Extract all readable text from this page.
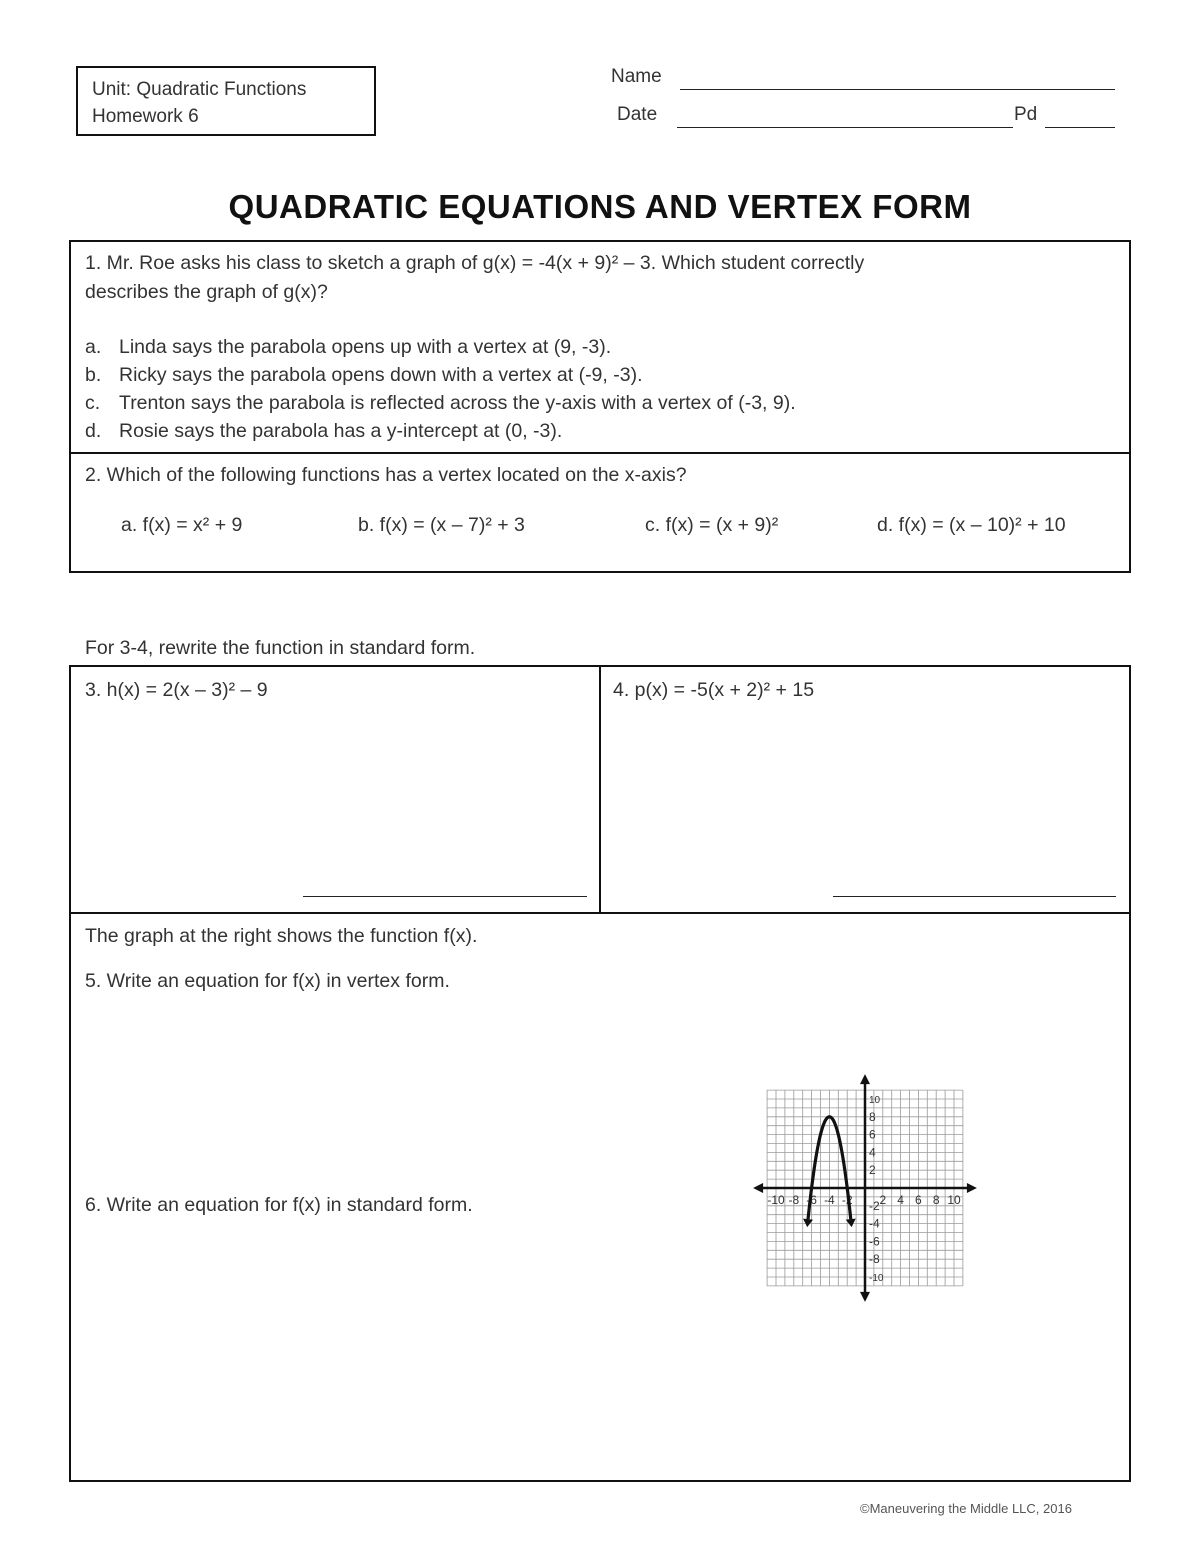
Unit: Quadratic Functions
Homework 6
Name
Date	Pd
QUADRATIC EQUATIONS AND VERTEX FORM
1. Mr. Roe asks his class to sketch a graph of g(x) = -4(x + 9)² – 3. Which student correctly
describes the graph of g(x)?
a. Linda says the parabola opens up with a vertex at (9, -3).
b. Ricky says the parabola opens down with a vertex at (-9, -3).
c. Trenton says the parabola is reflected across the y-axis with a vertex of (-3, 9).
d. Rosie says the parabola has a y-intercept at (0, -3).
2. Which of the following functions has a vertex located on the x-axis?
a. f(x) = x² + 9	b. f(x) = (x – 7)² + 3	c. f(x) = (x + 9)²	d. f(x) = (x – 10)² + 10
For 3-4, rewrite the function in standard form.
3. h(x) = 2(x – 3)² – 9	4. p(x) = -5(x + 2)² + 15
The graph at the right shows the function f(x).
5. Write an equation for f(x) in vertex form.
6. Write an equation for f(x) in standard form.	-10 -8 -6 -4 -2 2 4 6 8 10
10
8
6
4
2
-2
-4
-6
-8
-10
©Maneuvering the Middle LLC, 2016
